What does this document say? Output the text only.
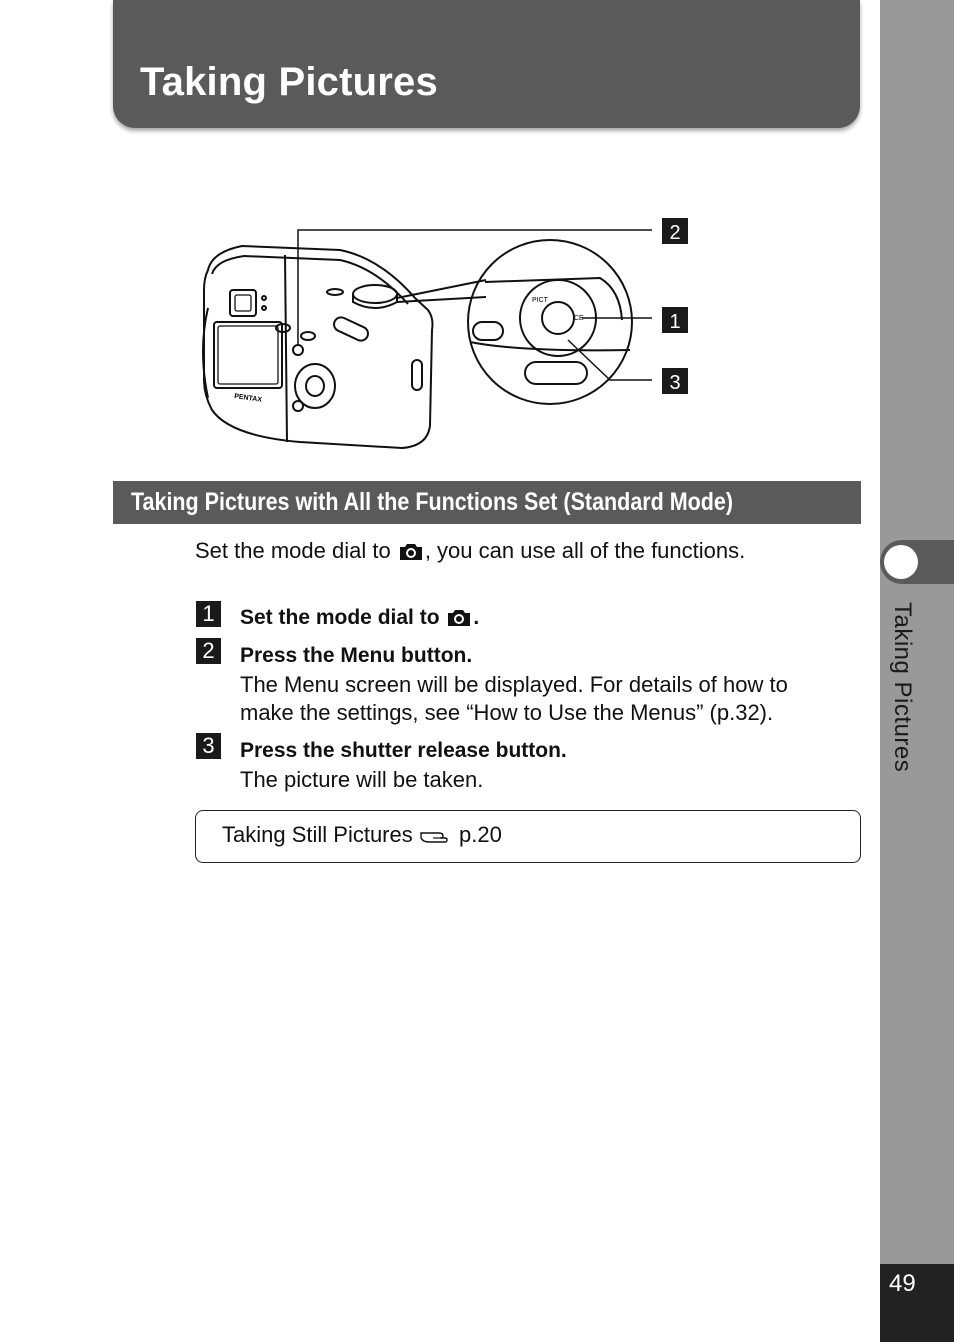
Taking Pictures
Taking Pictures
49
PENTAX
PICT
CE
2
1
3
Taking Pictures with All the Functions Set (Standard Mode)
Set the mode dial to , you can use all of the functions.
1	Set the mode dial to .
2	Press the Menu button.
The Menu screen will be displayed. For details of how to
make the settings, see “How to Use the Menus” (p.32).
3	Press the shutter release button.
The picture will be taken.
Taking Still Pictures p.20
